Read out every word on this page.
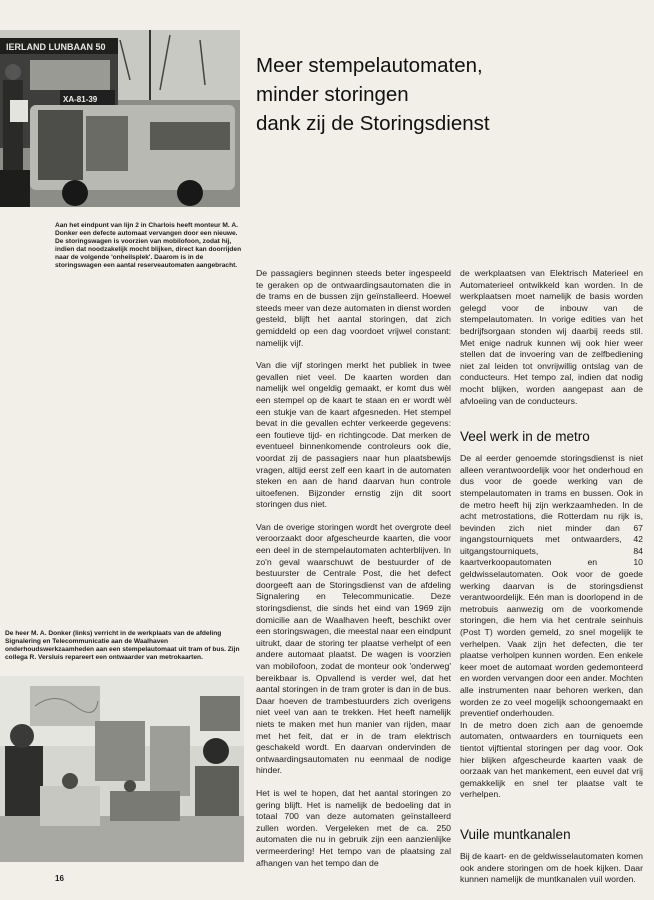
IERLAND LUNBAAN 50
XA-81-39
Aan het eindpunt van lijn 2 in Charlois heeft monteur M. A. Donker een defecte automaat vervangen door een nieuwe. De storingswagen is voorzien van mobilofoon, zodat hij, indien dat noodzakelijk mocht blijken, direct kan doorrijden naar de volgende 'onheilsplek'. Daarom is in de storingswagen een aantal reserveautomaten aangebracht.
Meer stempelautomaten,
minder storingen
dank zij de Storingsdienst

De passagiers beginnen steeds beter ingespeeld te geraken op de ontwaardingsautomaten die in de trams en de bussen zijn geïnstalleerd. Hoewel steeds meer van deze automaten in dienst worden gesteld, blijft het aantal storingen, dat zich gemiddeld op een dag voordoet vrijwel constant: namelijk vijf.

Van die vijf storingen merkt het publiek in twee gevallen niet veel. De kaarten worden dan namelijk wel ongeldig gemaakt, er komt dus wèl een stempel op de kaart te staan en er wordt wèl een stukje van de kaart afgesneden. Het stempel bevat in die gevallen echter verkeerde gegevens: een foutieve tijd- en richtingcode. Dat merken de eventueel binnenkomende controleurs ook die, voordat zij de passagiers naar hun plaatsbewijs vragen, altijd eerst zelf een kaart in de automaten steken en aan de hand daarvan hun controle uitoefenen. Bijzonder ernstig zijn dit soort storingen dus niet.

Van de overige storingen wordt het overgrote deel veroorzaakt door afgescheurde kaarten, die voor een deel in de stempelautomaten achterblijven. In zo'n geval waarschuwt de bestuurder of de bestuurster de Centrale Post, die het defect doorgeeft aan de Storingsdienst van de afdeling Signalering en Telecommunicatie. Deze storingsdienst, die sinds het eind van 1969 zijn domicilie aan de Waalhaven heeft, beschikt over een storingswagen, die meestal naar een eindpunt uitrukt, daar de storing ter plaatse verhelpt of een andere automaat plaatst. De wagen is voorzien van mobilofoon, zodat de monteur ook 'onderweg' bereikbaar is. Opvallend is verder wel, dat het aantal storingen in de tram groter is dan in de bus. Daar hoeven de trambestuurders zich overigens niet veel van aan te trekken. Het heeft namelijk niets te maken met hun manier van rijden, maar met het feit, dat er in de tram elektrisch geschakeld wordt. En daarvan ondervinden de ontwaardingsautomaten nu eenmaal de nodige hinder.

Het is wel te hopen, dat het aantal storingen zo gering blijft. Het is namelijk de bedoeling dat in totaal 700 van deze automaten geïnstalleerd zullen worden. Vergeleken met de ca. 250 automaten die nu in gebruik zijn een aanzienlijke vermeerdering! Het tempo van de plaatsing zal afhangen van het tempo dan de

de werkplaatsen van Elektrisch Materieel en Automaterieel ontwikkeld kan worden. In de werkplaatsen moet namelijk de basis worden gelegd voor de inbouw van de stempelautomaten. In vorige edities van het bedrijfsorgaan stonden wij daarbij reeds stil. Met enige nadruk kunnen wij ook hier weer stellen dat de invoering van de zelfbediening niet zal leiden tot onvrijwillig ontslag van de conducteurs. Het tempo zal, indien dat nodig mocht blijken, worden aangepast aan de afvloeiing van de conducteurs.

Veel werk in de metro

De al eerder genoemde storingsdienst is niet alleen verantwoordelijk voor het onderhoud en dus voor de goede werking van de stempelautomaten in trams en bussen. Ook in de metro heeft hij zijn werkzaamheden. In de acht metrostations, die Rotterdam nu rijk is, bevinden zich niet minder dan 67 ingangstourniquets met ontwaarders, 42 uitgangstourniquets, 84 kaartverkoopautomaten en 10 geldwisselautomaten. Ook voor de goede werking daarvan is de storingsdienst verantwoordelijk. Eén man is doorlopend in de metrobuis aanwezig om de voorkomende storingen, die hem via het centrale seinhuis (Post T) worden gemeld, zo snel mogelijk te verhelpen. Vaak zijn het defecten, die ter plaatse verholpen kunnen worden. Een enkele keer moet de automaat worden gedemonteerd en worden vervangen door een ander. Mochten alle instrumenten naar behoren werken, dan worden ze zo veel mogelijk schoongemaakt en preventief onderhouden.

In de metro doen zich aan de genoemde automaten, ontwaarders en tourniquets een tientot vijftiental storingen per dag voor. Ook hier blijken afgescheurde kaarten vaak de oorzaak van het mankement, een euvel dat vrij gemakkelijk en snel ter plaatse valt te verhelpen.

Vuile muntkanalen

Bij de kaart- en de geldwisselautomaten komen ook andere storingen om de hoek kijken. Daar kunnen namelijk de muntkanalen vuil worden.

De heer M. A. Donker (links) verricht in de werkplaats van de afdeling Signalering en Telecommunicatie aan de Waalhaven onderhoudswerkzaamheden aan een stempelautomaat uit tram of bus. Zijn collega R. Versluis repareert een ontwaarder van metrokaarten.
16
